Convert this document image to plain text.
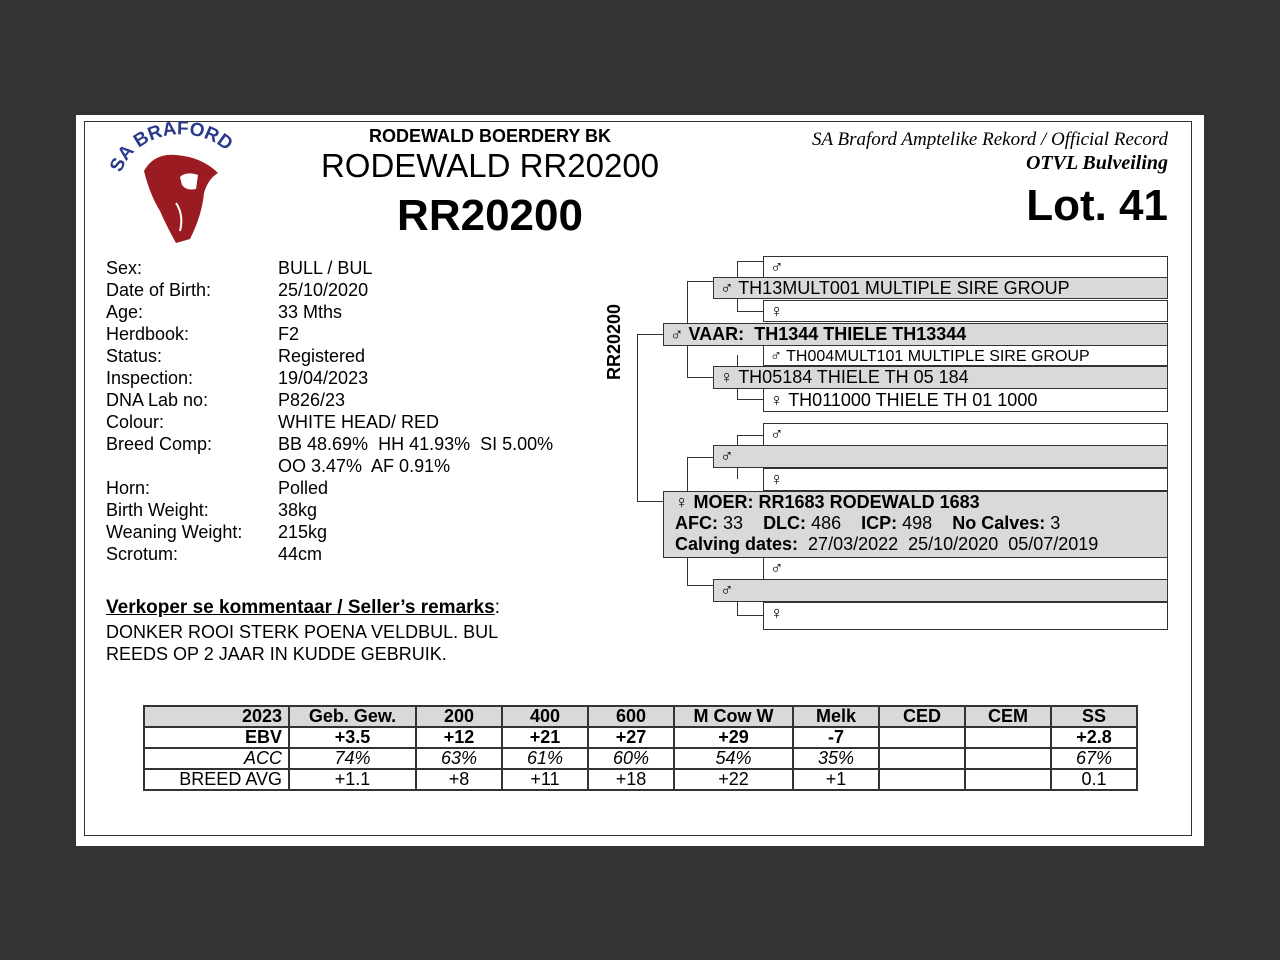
SA BRAFORD	RODEWALD BOERDERY BK
RODEWALD RR20200
RR20200
SA Braford Amptelike Rekord / Official Record
OTVL Bulveiling
Lot. 41
Sex:	BULL / BUL
Date of Birth:	25/10/2020
Age:	33 Mths
Herdbook:	F2
Status:	Registered
Inspection:	19/04/2023
DNA Lab no:	P826/23
Colour:	WHITE HEAD/ RED
Breed Comp:	BB 48.69%  HH 41.93%  SI 5.00%
OO 3.47%  AF 0.91%
Horn:	Polled
Birth Weight:	38kg
Weaning Weight:	215kg
Scrotum:	44cm
Verkoper se kommentaar / Seller’s remarks:
DONKER ROOI STERK POENA VELDBUL. BUL REEDS OP 2 JAAR IN KUDDE GEBRUIK.
RR20200
♂
♂ TH13MULT001 MULTIPLE SIRE GROUP
♀
♂ VAAR: TH1344 THIELE TH13344
♂ TH004MULT101 MULTIPLE SIRE GROUP
♀ TH05184 THIELE TH 05 184
♀ TH011000 THIELE TH 01 1000
♂
♂
♀
♀ MOER: RR1683 RODEWALD 1683
AFC: 33 DLC: 486 ICP: 498 No Calves: 3
Calving dates: 27/03/2022  25/10/2020  05/07/2019
♂
♂
♀
2023	Geb. Gew.	200	400	600	M Cow W	Melk	CED	CEM	SS
EBV	+3.5	+12	+21	+27	+29	-7			+2.8
ACC	74%	63%	61%	60%	54%	35%			67%
BREED AVG	+1.1	+8	+11	+18	+22	+1			0.1
